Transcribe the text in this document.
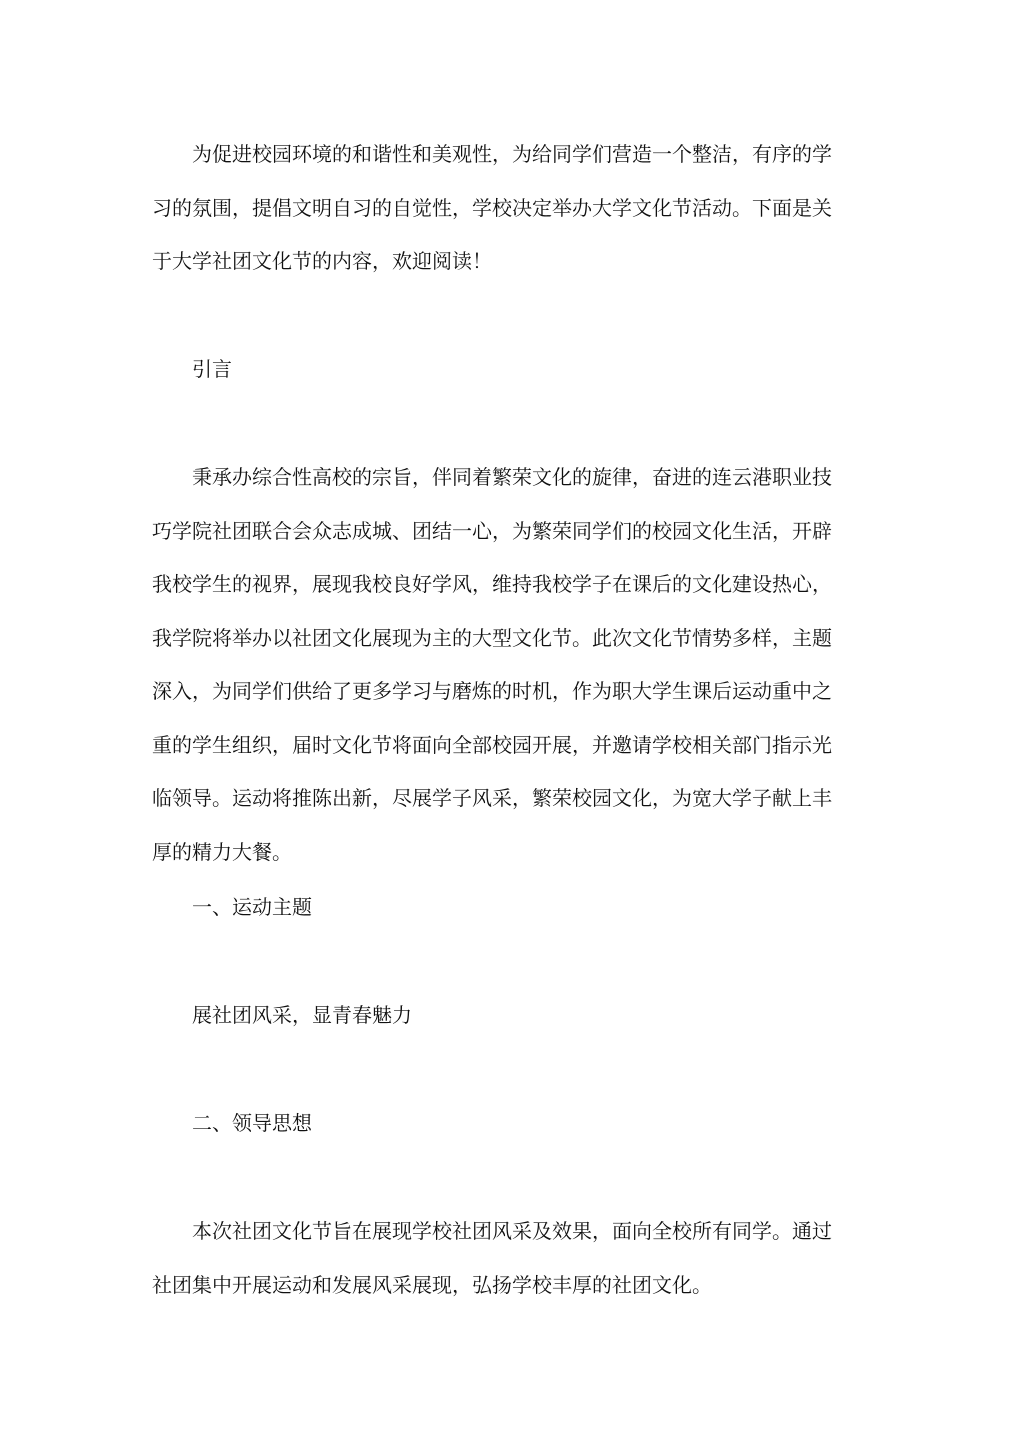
为促进校园环境的和谐性和美观性，为给同学们营造一个整洁，有序的学习的氛围，提倡文明自习的自觉性，学校决定举办大学文化节活动。下面是关于大学社团文化节的内容，欢迎阅读！

引言

秉承办综合性高校的宗旨，伴同着繁荣文化的旋律，奋进的连云港职业技巧学院社团联合会众志成城、团结一心，为繁荣同学们的校园文化生活，开辟我校学生的视界，展现我校良好学风，维持我校学子在课后的文化建设热心，我学院将举办以社团文化展现为主的大型文化节。此次文化节情势多样，主题深入，为同学们供给了更多学习与磨炼的时机，作为职大学生课后运动重中之重的学生组织，届时文化节将面向全部校园开展，并邀请学校相关部门指示光临领导。运动将推陈出新，尽展学子风采，繁荣校园文化，为宽大学子献上丰厚的精力大餐。

一、运动主题

展社团风采，显青春魅力

二、领导思想

本次社团文化节旨在展现学校社团风采及效果，面向全校所有同学。通过社团集中开展运动和发展风采展现，弘扬学校丰厚的社团文化。
